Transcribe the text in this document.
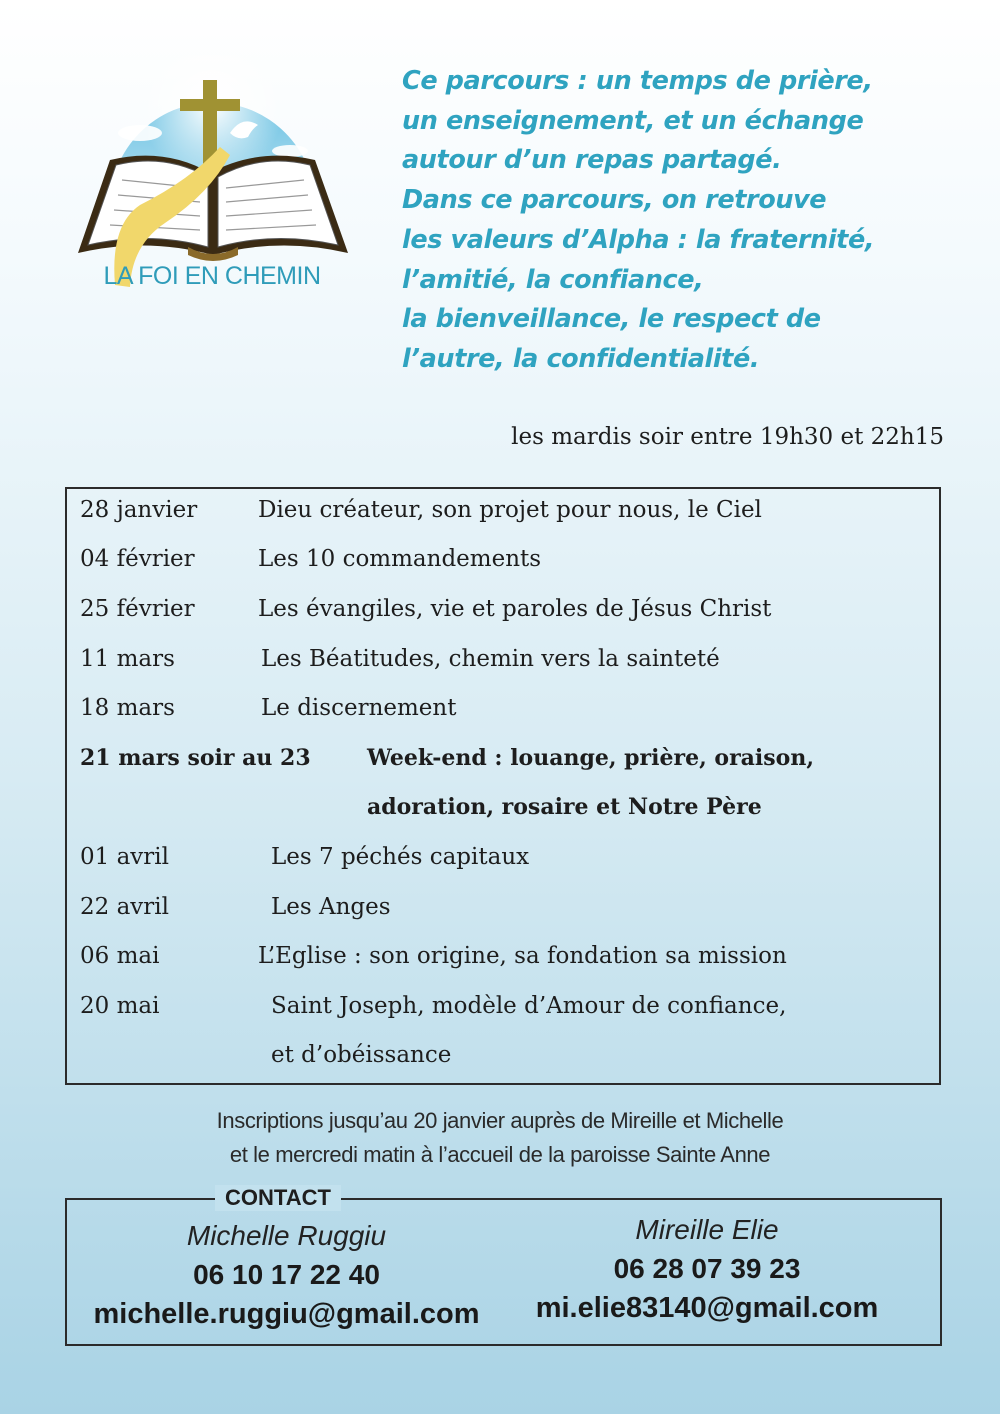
LA FOI EN CHEMIN
Ce parcours : un temps de prière,
un enseignement, et un échange
autour d’un repas partagé.
Dans ce parcours, on retrouve
les valeurs d’Alpha : la fraternité,
l’amitié, la confiance,
la bienveillance, le respect de
l’autre, la confidentialité.
les mardis soir entre 19h30 et 22h15
28 janvier	Dieu créateur, son projet pour nous, le Ciel
04 février	Les 10 commandements
25 février	Les évangiles, vie et paroles de Jésus Christ
11 mars	Les Béatitudes, chemin vers la sainteté
18 mars	Le discernement
21 mars soir au 23	Week-end : louange, prière, oraison,
adoration, rosaire et Notre Père
01 avril	Les 7 péchés capitaux
22 avril	Les Anges
06 mai	L’Eglise : son origine, sa fondation sa mission
20 mai	Saint Joseph, modèle d’Amour de confiance,
et d’obéissance
Inscriptions jusqu’au 20 janvier auprès de Mireille et Michelle
et le mercredi matin à l’accueil de la paroisse Sainte Anne
CONTACT
Michelle Ruggiu
06 10 17 22 40
michelle.ruggiu@gmail.com
Mireille Elie
06 28 07 39 23
mi.elie83140@gmail.com
